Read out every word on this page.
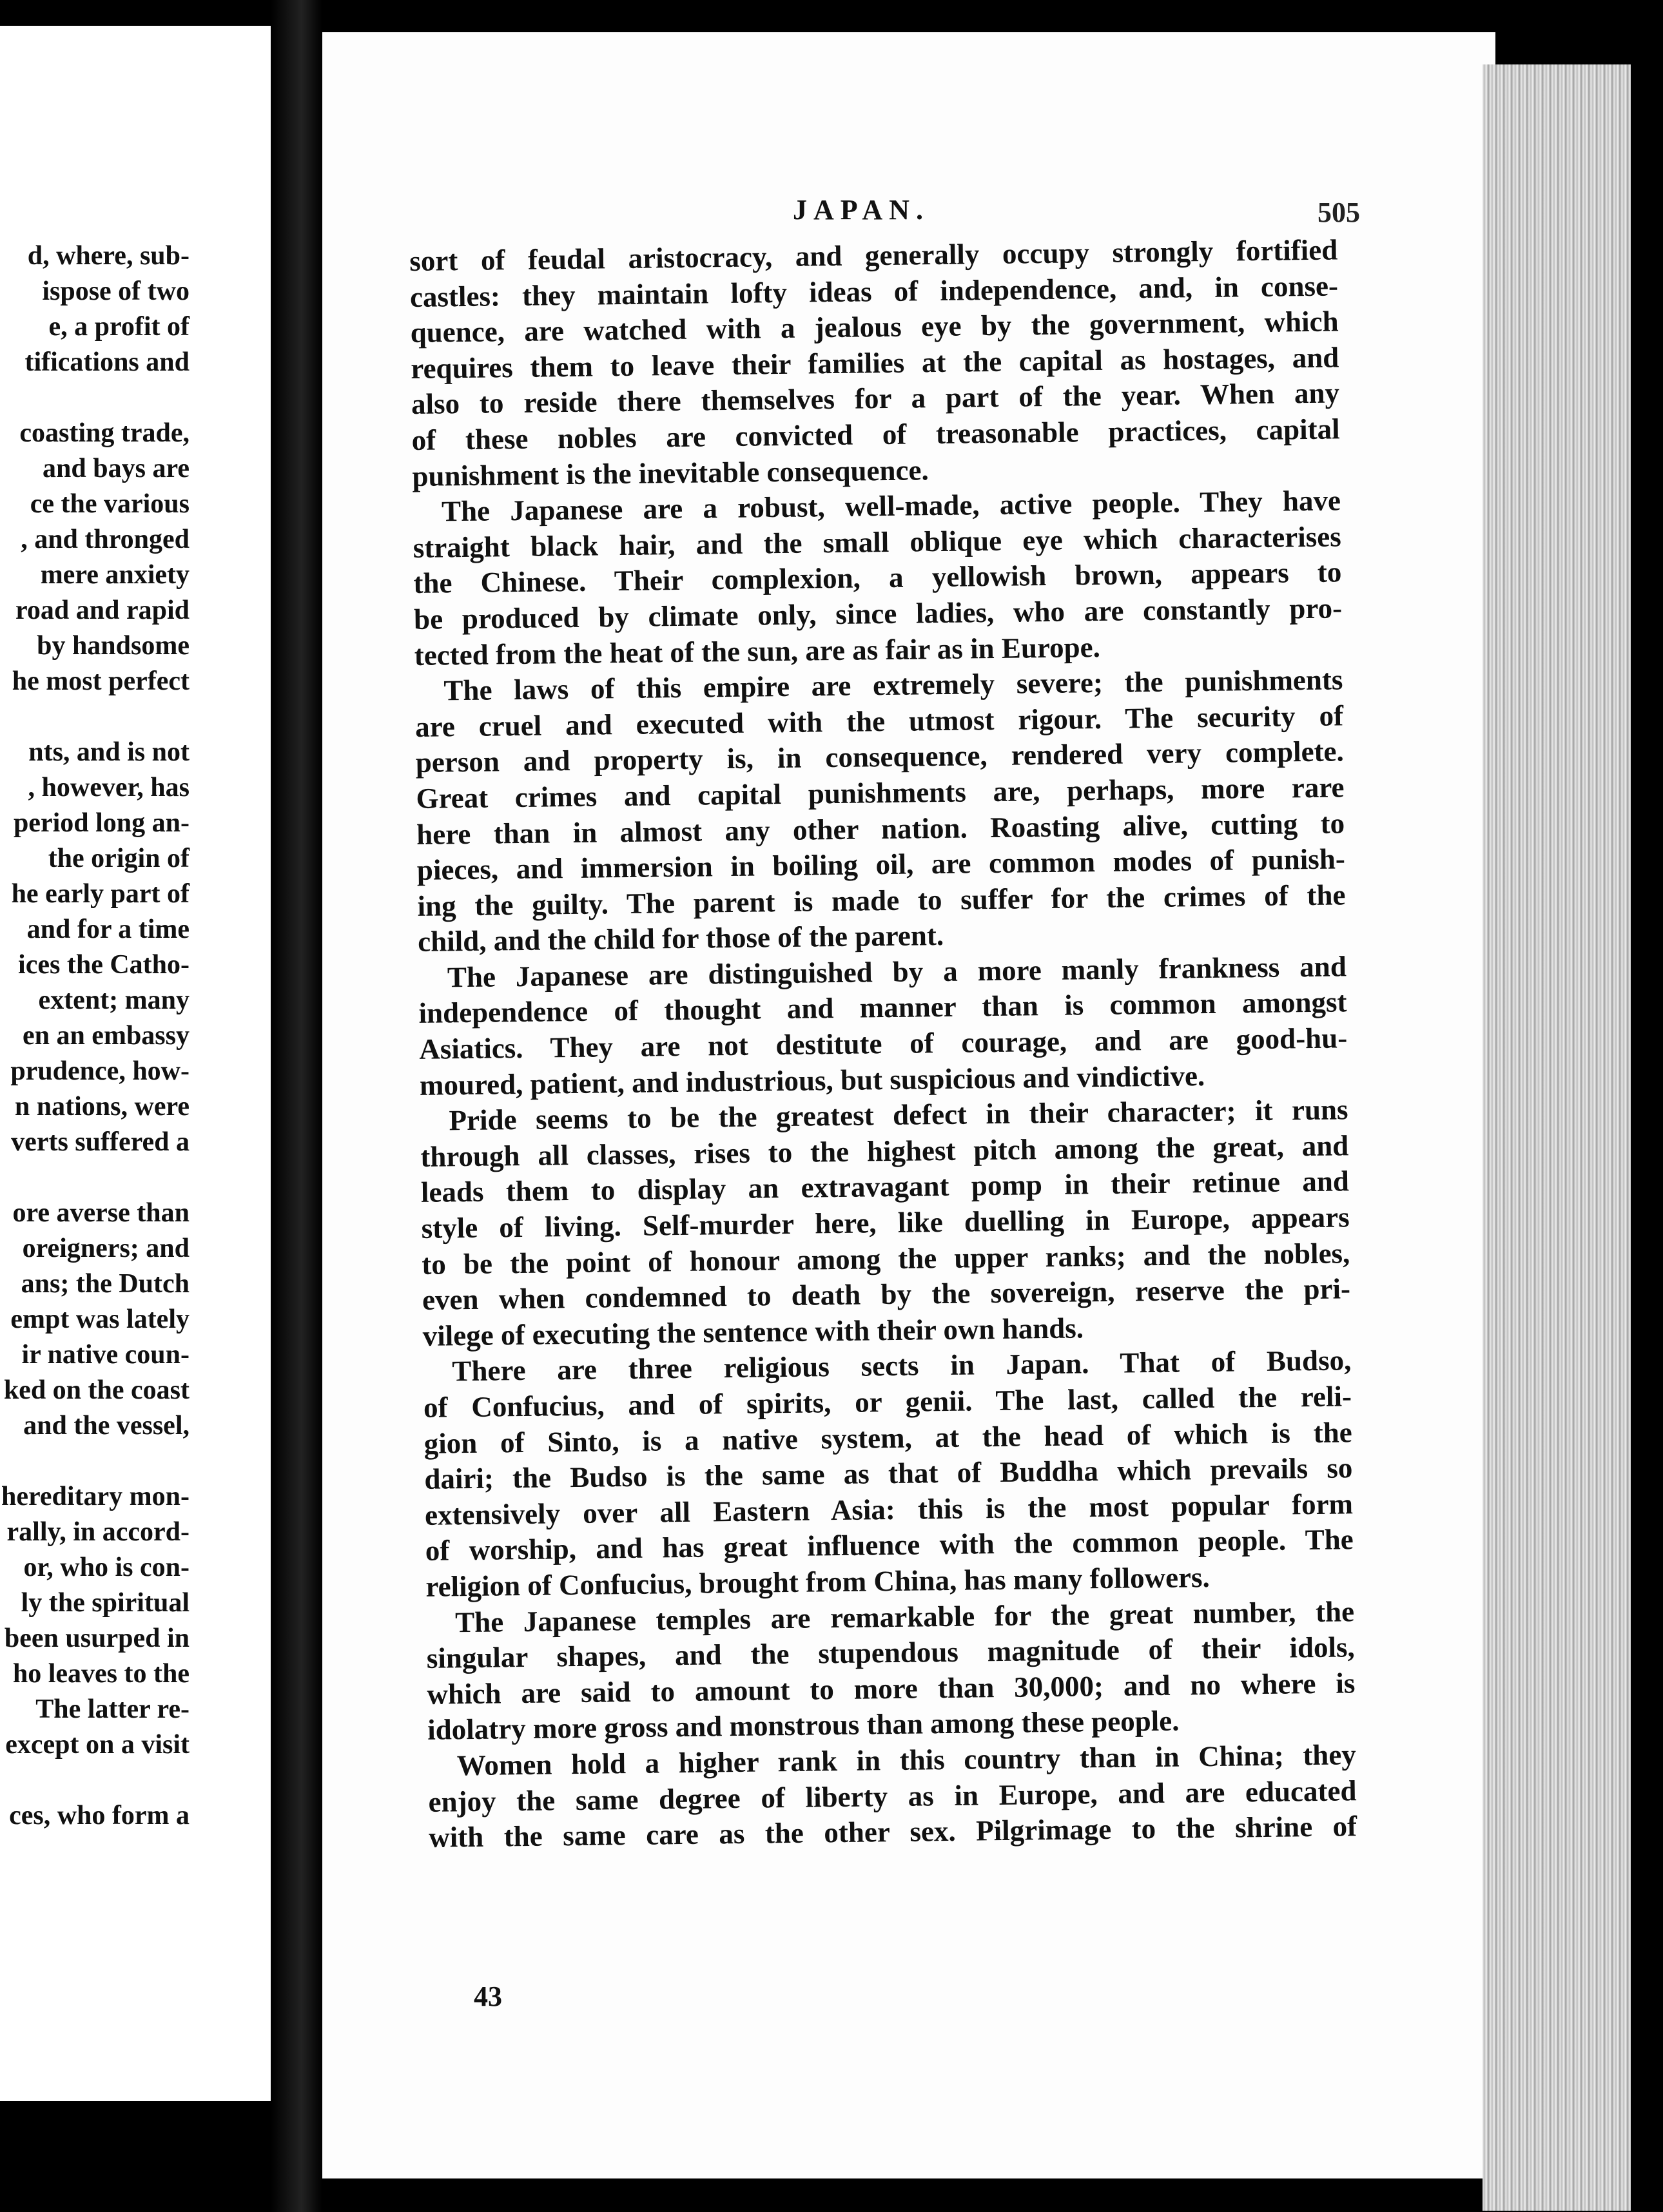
d, where, sub-
ispose of two
e, a profit of
tifications and
coasting trade,
and bays are
ce the various
, and thronged
mere anxiety
road and rapid
by handsome
he most perfect
nts, and is not
, however, has
period long an-
the origin of
he early part of
and for a time
ices the Catho-
extent; many
en an embassy
prudence, how-
n nations, were
verts suffered a
ore averse than
oreigners; and
ans; the Dutch
empt was lately
ir native coun-
ked on the coast
and the vessel,
hereditary mon-
rally, in accord-
or, who is con-
ly the spiritual
been usurped in
ho leaves to the
The latter re-
except on a visit
ces, who form a
JAPAN.	505
sort of feudal aristocracy, and generally occupy strongly fortified
castles: they maintain lofty ideas of independence, and, in conse-
quence, are watched with a jealous eye by the government, which
requires them to leave their families at the capital as hostages, and
also to reside there themselves for a part of the year. When any
of these nobles are convicted of treasonable practices, capital
punishment is the inevitable consequence.
The Japanese are a robust, well-made, active people. They have
straight black hair, and the small oblique eye which characterises
the Chinese. Their complexion, a yellowish brown, appears to
be produced by climate only, since ladies, who are constantly pro-
tected from the heat of the sun, are as fair as in Europe.
The laws of this empire are extremely severe; the punishments
are cruel and executed with the utmost rigour. The security of
person and property is, in consequence, rendered very complete.
Great crimes and capital punishments are, perhaps, more rare
here than in almost any other nation. Roasting alive, cutting to
pieces, and immersion in boiling oil, are common modes of punish-
ing the guilty. The parent is made to suffer for the crimes of the
child, and the child for those of the parent.
The Japanese are distinguished by a more manly frankness and
independence of thought and manner than is common amongst
Asiatics. They are not destitute of courage, and are good-hu-
moured, patient, and industrious, but suspicious and vindictive.
Pride seems to be the greatest defect in their character; it runs
through all classes, rises to the highest pitch among the great, and
leads them to display an extravagant pomp in their retinue and
style of living. Self-murder here, like duelling in Europe, appears
to be the point of honour among the upper ranks; and the nobles,
even when condemned to death by the sovereign, reserve the pri-
vilege of executing the sentence with their own hands.
There are three religious sects in Japan. That of Budso,
of Confucius, and of spirits, or genii. The last, called the reli-
gion of Sinto, is a native system, at the head of which is the
dairi; the Budso is the same as that of Buddha which prevails so
extensively over all Eastern Asia: this is the most popular form
of worship, and has great influence with the common people. The
religion of Confucius, brought from China, has many followers.
The Japanese temples are remarkable for the great number, the
singular shapes, and the stupendous magnitude of their idols,
which are said to amount to more than 30,000; and no where is
idolatry more gross and monstrous than among these people.
Women hold a higher rank in this country than in China; they
enjoy the same degree of liberty as in Europe, and are educated
with the same care as the other sex. Pilgrimage to the shrine of
43
